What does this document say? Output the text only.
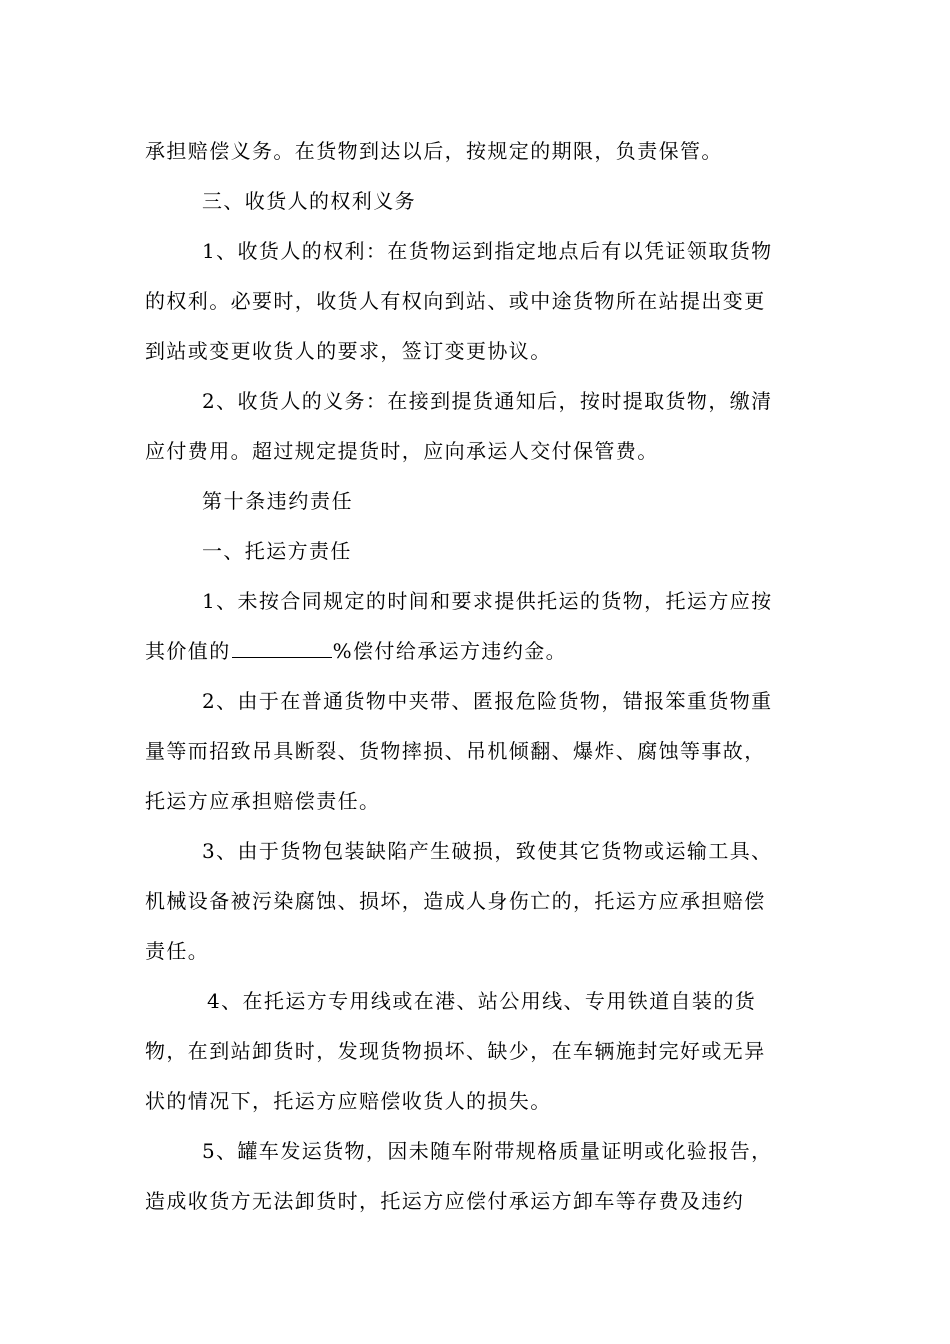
承担赔偿义务。在货物到达以后，按规定的期限，负责保管。
三、收货人的权利义务
1、收货人的权利：在货物运到指定地点后有以凭证领取货物
的权利。必要时，收货人有权向到站、或中途货物所在站提出变更
到站或变更收货人的要求，签订变更协议。
2、收货人的义务：在接到提货通知后，按时提取货物，缴清
应付费用。超过规定提货时，应向承运人交付保管费。
第十条违约责任
一、托运方责任
1、未按合同规定的时间和要求提供托运的货物，托运方应按
其价值的	%偿付给承运方违约金。
2、由于在普通货物中夹带、匿报危险货物，错报笨重货物重
量等而招致吊具断裂、货物摔损、吊机倾翻、爆炸、腐蚀等事故，
托运方应承担赔偿责任。
3、由于货物包装缺陷产生破损，致使其它货物或运输工具、
机械设备被污染腐蚀、损坏，造成人身伤亡的，托运方应承担赔偿
责任。
4、在托运方专用线或在港、站公用线、专用铁道自装的货
物，在到站卸货时，发现货物损坏、缺少，在车辆施封完好或无异
状的情况下，托运方应赔偿收货人的损失。
5、罐车发运货物，因未随车附带规格质量证明或化验报告，
造成收货方无法卸货时，托运方应偿付承运方卸车等存费及违约
